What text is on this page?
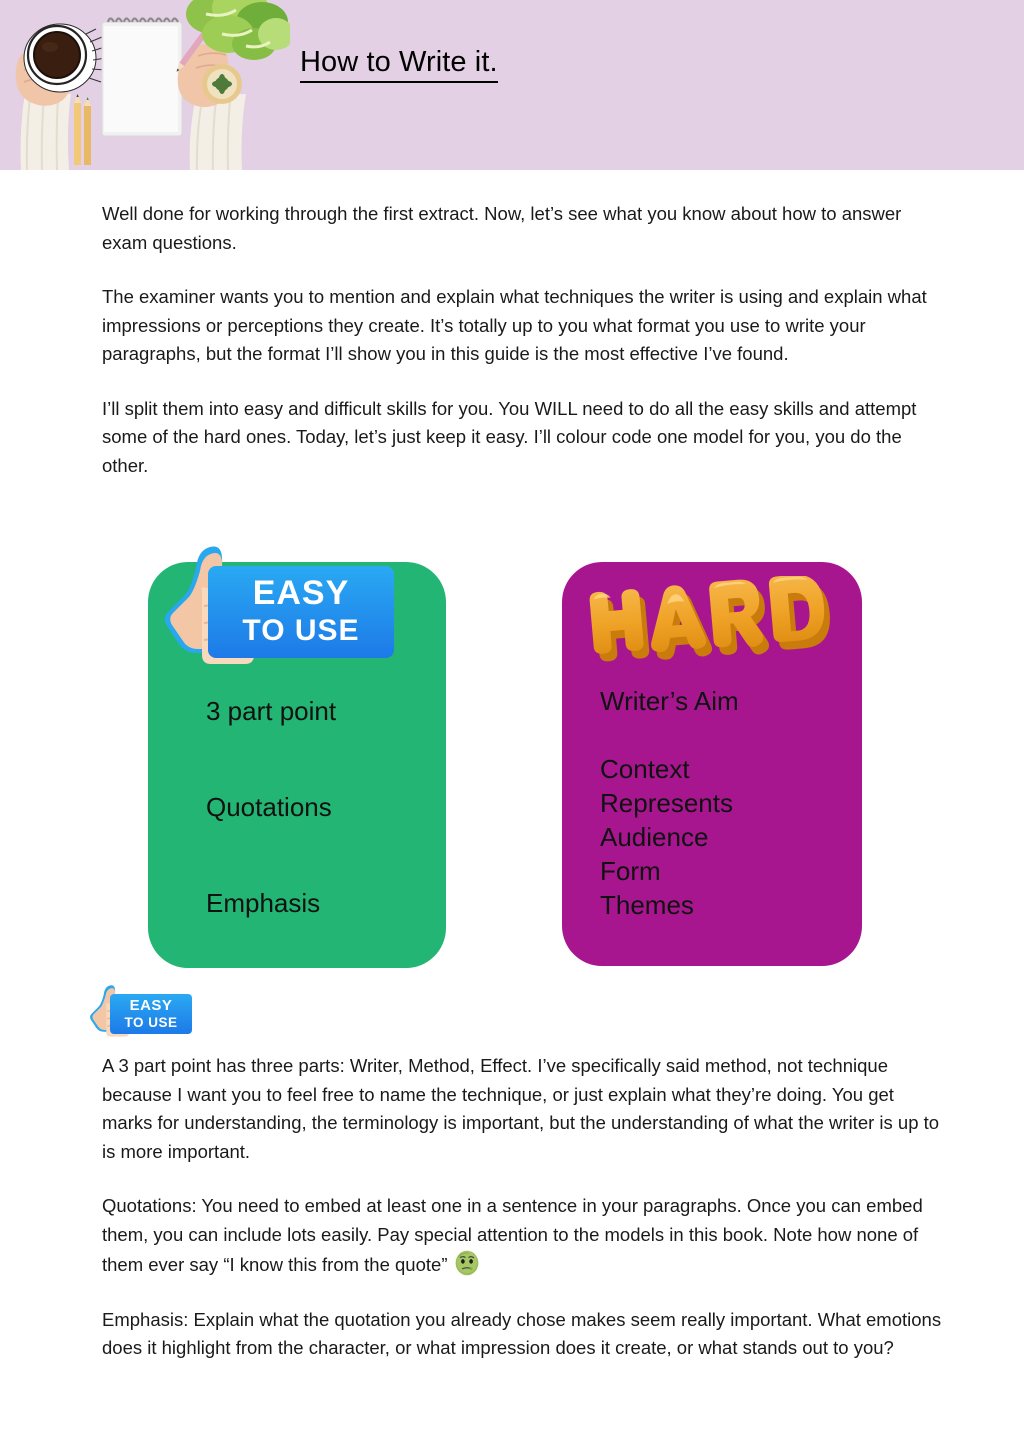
How to Write it.

Well done for working through the first extract. Now, let’s see what you know about how to answer exam questions.

The examiner wants you to mention and explain what techniques the writer is using and explain what impressions or perceptions they create. It’s totally up to you what format you use to write your paragraphs, but the format I’ll show you in this guide is the most effective I’ve found.

I’ll split them into easy and difficult skills for you. You WILL need to do all the easy skills and attempt some of the hard ones. Today, let’s just keep it easy. I’ll colour code one model for you, you do the other.

EASY
TO USE
3 part point
Quotations
Emphasis
Writer’s Aim
Context
Represents
Audience
Form
Themes
EASY
TO USE

A 3 part point has three parts: Writer, Method, Effect. I’ve specifically said method, not technique because I want you to feel free to name the technique, or just explain what they’re doing. You get marks for understanding, the terminology is important, but the understanding of what the writer is up to is more important.

Quotations: You need to embed at least one in a sentence in your paragraphs. Once you can embed them, you can include lots easily. Pay special attention to the models in this book. Note how none of them ever say “I know this from the quote”

Emphasis: Explain what the quotation you already chose makes seem really important. What emotions does it highlight from the character, or what impression does it create, or what stands out to you?
